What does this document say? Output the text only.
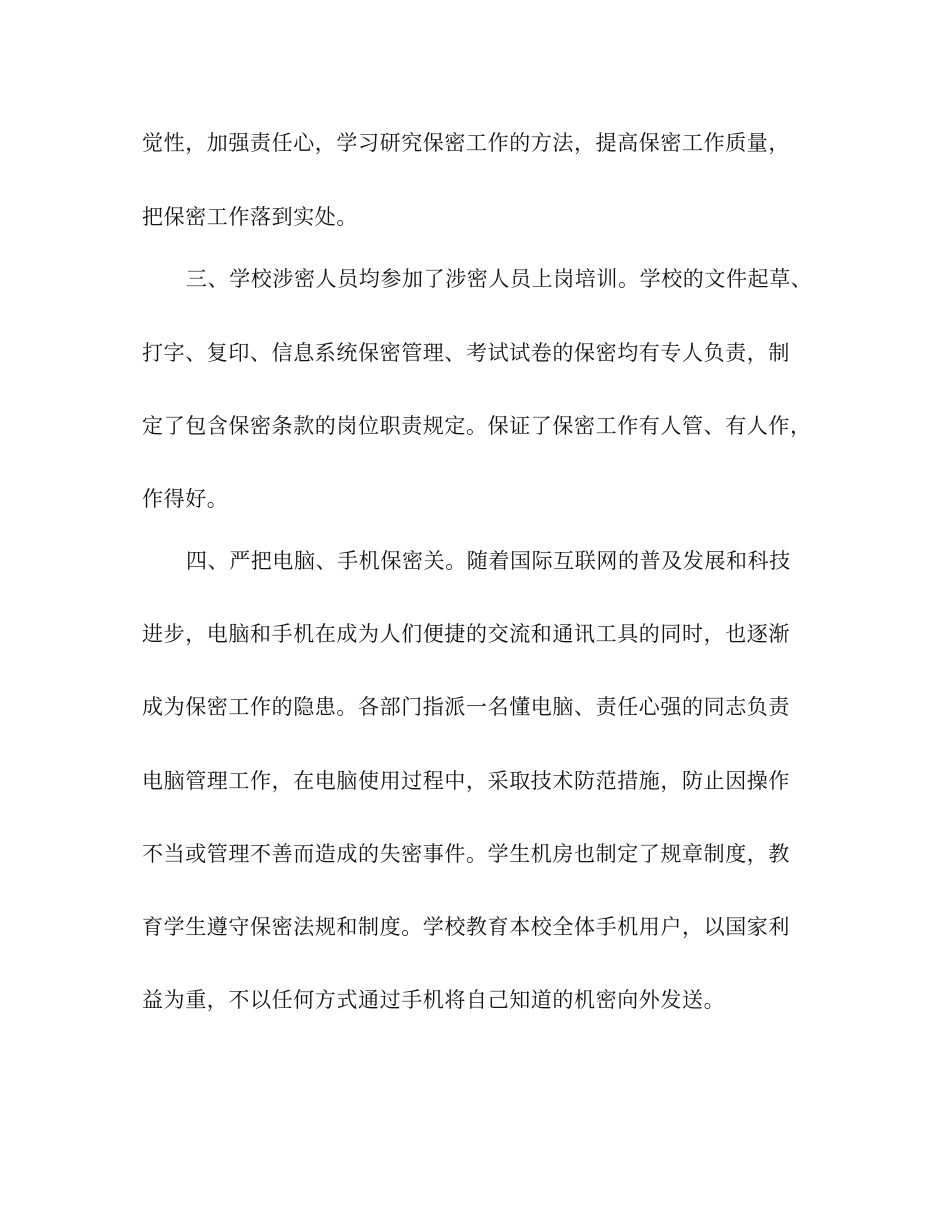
觉性，加强责任心，学习研究保密工作的方法，提高保密工作质量，
把保密工作落到实处。
三、学校涉密人员均参加了涉密人员上岗培训。学校的文件起草、
打字、复印、信息系统保密管理、考试试卷的保密均有专人负责，制
定了包含保密条款的岗位职责规定。保证了保密工作有人管、有人作，
作得好。
四、严把电脑、手机保密关。随着国际互联网的普及发展和科技
进步，电脑和手机在成为人们便捷的交流和通讯工具的同时，也逐渐
成为保密工作的隐患。各部门指派一名懂电脑、责任心强的同志负责
电脑管理工作，在电脑使用过程中，采取技术防范措施，防止因操作
不当或管理不善而造成的失密事件。学生机房也制定了规章制度，教
育学生遵守保密法规和制度。学校教育本校全体手机用户，以国家利
益为重，不以任何方式通过手机将自己知道的机密向外发送。
